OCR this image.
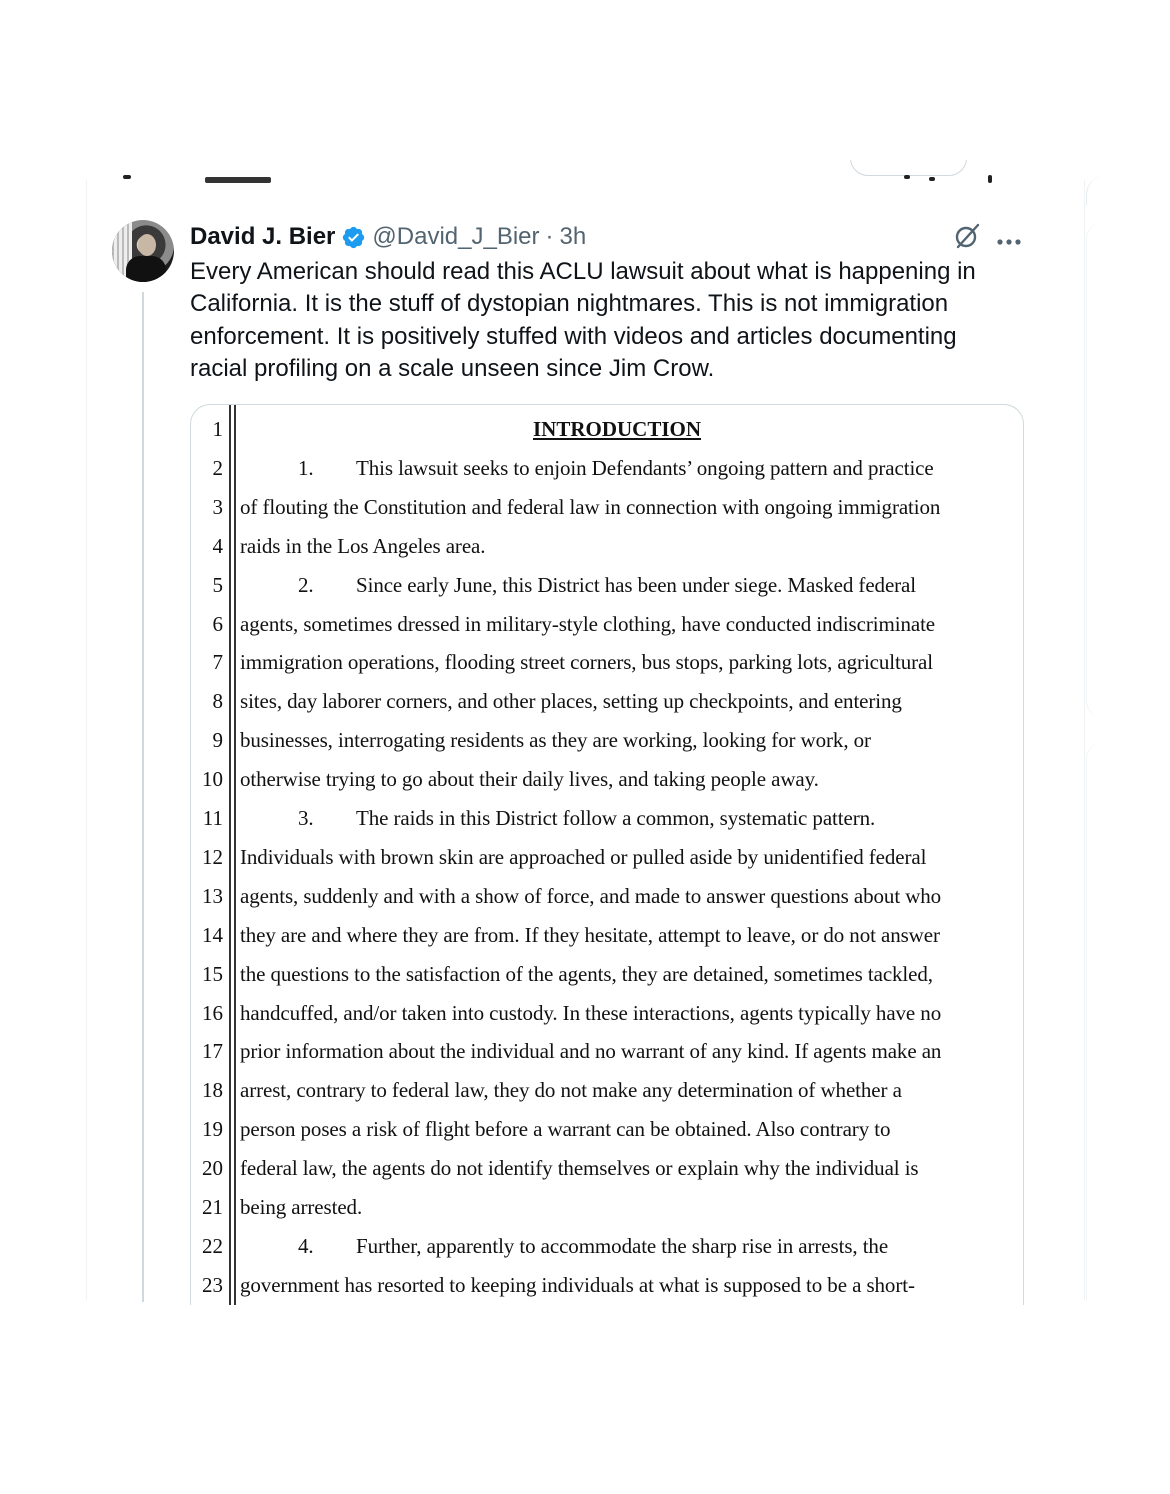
David J. Bier @David_J_Bier · 3h
Every American should read this ACLU lawsuit about what is happening in California. It is the stuff of dystopian nightmares. This is not immigration enforcement. It is positively stuffed with videos and articles documenting racial profiling on a scale unseen since Jim Crow.
1	INTRODUCTION
2	1. This lawsuit seeks to enjoin Defendants’ ongoing pattern and practice
3 of flouting the Constitution and federal law in connection with ongoing immigration
4 raids in the Los Angeles area.
5	2. Since early June, this District has been under siege. Masked federal
6 agents, sometimes dressed in military-style clothing, have conducted indiscriminate
7 immigration operations, flooding street corners, bus stops, parking lots, agricultural
8 sites, day laborer corners, and other places, setting up checkpoints, and entering
9 businesses, interrogating residents as they are working, looking for work, or
10 otherwise trying to go about their daily lives, and taking people away.
11	3. The raids in this District follow a common, systematic pattern.
12 Individuals with brown skin are approached or pulled aside by unidentified federal
13 agents, suddenly and with a show of force, and made to answer questions about who
14 they are and where they are from. If they hesitate, attempt to leave, or do not answer
15 the questions to the satisfaction of the agents, they are detained, sometimes tackled,
16 handcuffed, and/or taken into custody. In these interactions, agents typically have no
17 prior information about the individual and no warrant of any kind. If agents make an
18 arrest, contrary to federal law, they do not make any determination of whether a
19 person poses a risk of flight before a warrant can be obtained. Also contrary to
20 federal law, the agents do not identify themselves or explain why the individual is
21 being arrested.
22	4. Further, apparently to accommodate the sharp rise in arrests, the
23 government has resorted to keeping individuals at what is supposed to be a short-
